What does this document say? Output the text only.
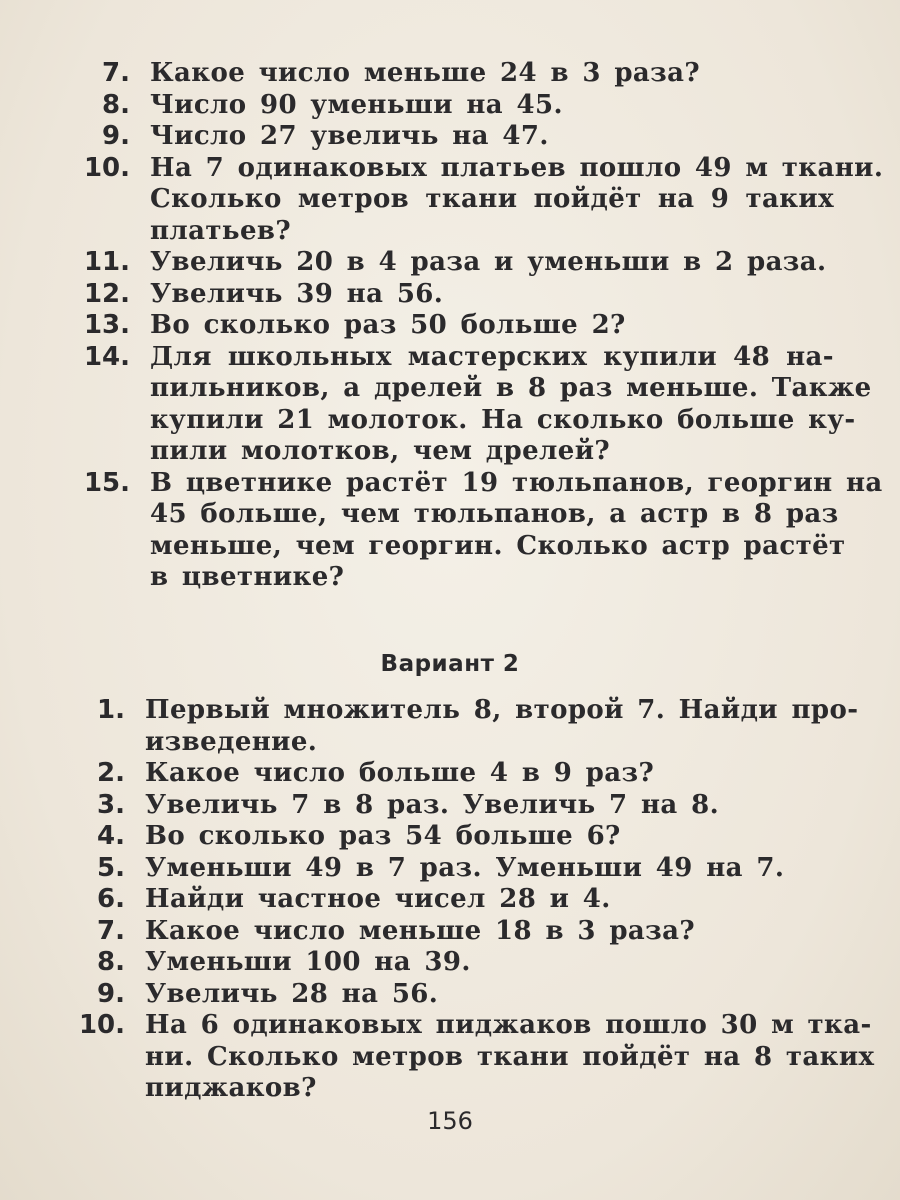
7. Какое число меньше 24 в 3 раза?
8. Число 90 уменьши на 45.
9. Число 27 увеличь на 47.
10. На 7 одинаковых платьев пошло 49 м ткани.
Сколько метров ткани пойдёт на 9 таких
платьев?
11. Увеличь 20 в 4 раза и уменьши в 2 раза.
12. Увеличь 39 на 56.
13. Во сколько раз 50 больше 2?
14. Для школьных мастерских купили 48 на-
пильников, а дрелей в 8 раз меньше. Также
купили 21 молоток. На сколько больше ку-
пили молотков, чем дрелей?
15. В цветнике растёт 19 тюльпанов, георгин на
45 больше, чем тюльпанов, а астр в 8 раз
меньше, чем георгин. Сколько астр растёт
в цветнике?
Вариант 2
1. Первый множитель 8, второй 7. Найди про-
изведение.
2. Какое число больше 4 в 9 раз?
3. Увеличь 7 в 8 раз. Увеличь 7 на 8.
4. Во сколько раз 54 больше 6?
5. Уменьши 49 в 7 раз. Уменьши 49 на 7.
6. Найди частное чисел 28 и 4.
7. Какое число меньше 18 в 3 раза?
8. Уменьши 100 на 39.
9. Увеличь 28 на 56.
10. На 6 одинаковых пиджаков пошло 30 м тка-
ни. Сколько метров ткани пойдёт на 8 таких
пиджаков?
156
